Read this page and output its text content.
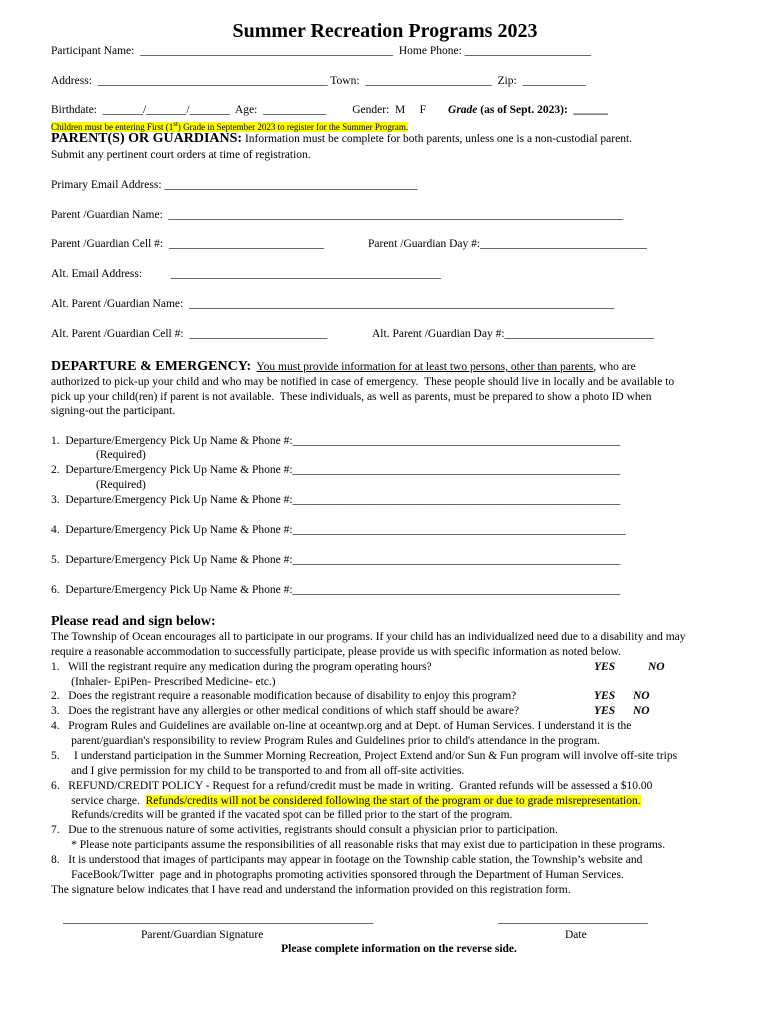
Summer Recreation Programs 2023
Participant Name:  ____________________________________________  Home Phone: ______________________
Address:  ________________________________________ Town:  ______________________  Zip:  ___________
Birthdate:  _______/_______/_______  Age:  ___________         Gender:  M     F Grade (as of Sept. 2023):  ______
Children must be entering First (1st) Grade in September 2023 to register for the Summer Program.
PARENT(S) OR GUARDIANS: Information must be complete for both parents, unless one is a non-custodial parent.
Submit any pertinent court orders at time of registration.
Primary Email Address: ____________________________________________
Parent /Guardian Name:  _______________________________________________________________________________
Parent /Guardian Cell #:  ___________________________	Parent /Guardian Day #:_____________________________
Alt. Email Address:          _______________________________________________
Alt. Parent /Guardian Name:  __________________________________________________________________________
Alt. Parent /Guardian Cell #:  ________________________	Alt. Parent /Guardian Day #:__________________________
DEPARTURE & EMERGENCY: You must provide information for at least two persons, other than parents, who are
authorized to pick-up your child and who may be notified in case of emergency.  These people should live in locally and be available to
pick up your child(ren) if parent is not available.  These individuals, as well as parents, must be prepared to show a photo ID when
signing-out the participant.
1.  Departure/Emergency Pick Up Name & Phone #:_________________________________________________________
(Required)
2.  Departure/Emergency Pick Up Name & Phone #:_________________________________________________________
(Required)
3.  Departure/Emergency Pick Up Name & Phone #:_________________________________________________________
4.  Departure/Emergency Pick Up Name & Phone #:__________________________________________________________
5.  Departure/Emergency Pick Up Name & Phone #:_________________________________________________________
6.  Departure/Emergency Pick Up Name & Phone #:_________________________________________________________
Please read and sign below:
The Township of Ocean encourages all to participate in our programs. If your child has an individualized need due to a disability and may
require a reasonable accommodation to successfully participate, please provide us with specific information as noted below.
1.   Will the registrant require any medication during the program operating hours?	YES	NO
(Inhaler- EpiPen- Prescribed Medicine- etc.)
2.   Does the registrant require a reasonable modification because of disability to enjoy this program?	YES NO
3.   Does the registrant have any allergies or other medical conditions of which staff should be aware?	YES NO
4.   Program Rules and Guidelines are available on-line at oceantwp.org and at Dept. of Human Services. I understand it is the
parent/guardian's responsibility to review Program Rules and Guidelines prior to child's attendance in the program.
5.     I understand participation in the Summer Morning Recreation, Project Extend and/or Sun & Fun program will involve off-site trips
and I give permission for my child to be transported to and from all off-site activities.
6.   REFUND/CREDIT POLICY - Request for a refund/credit must be made in writing.  Granted refunds will be assessed a $10.00
service charge.  Refunds/credits will not be considered following the start of the program or due to grade misrepresentation.
Refunds/credits will be granted if the vacated spot can be filled prior to the start of the program.
7.   Due to the strenuous nature of some activities, registrants should consult a physician prior to participation.
* Please note participants assume the responsibilities of all reasonable risks that may exist due to participation in these programs.
8.   It is understood that images of participants may appear in footage on the Township cable station, the Township’s website and
FaceBook/Twitter  page and in photographs promoting activities sponsored through the Department of Human Services.
The signature below indicates that I have read and understand the information provided on this registration form.
______________________________________________________	__________________________
Parent/Guardian Signature	Date
Please complete information on the reverse side.
